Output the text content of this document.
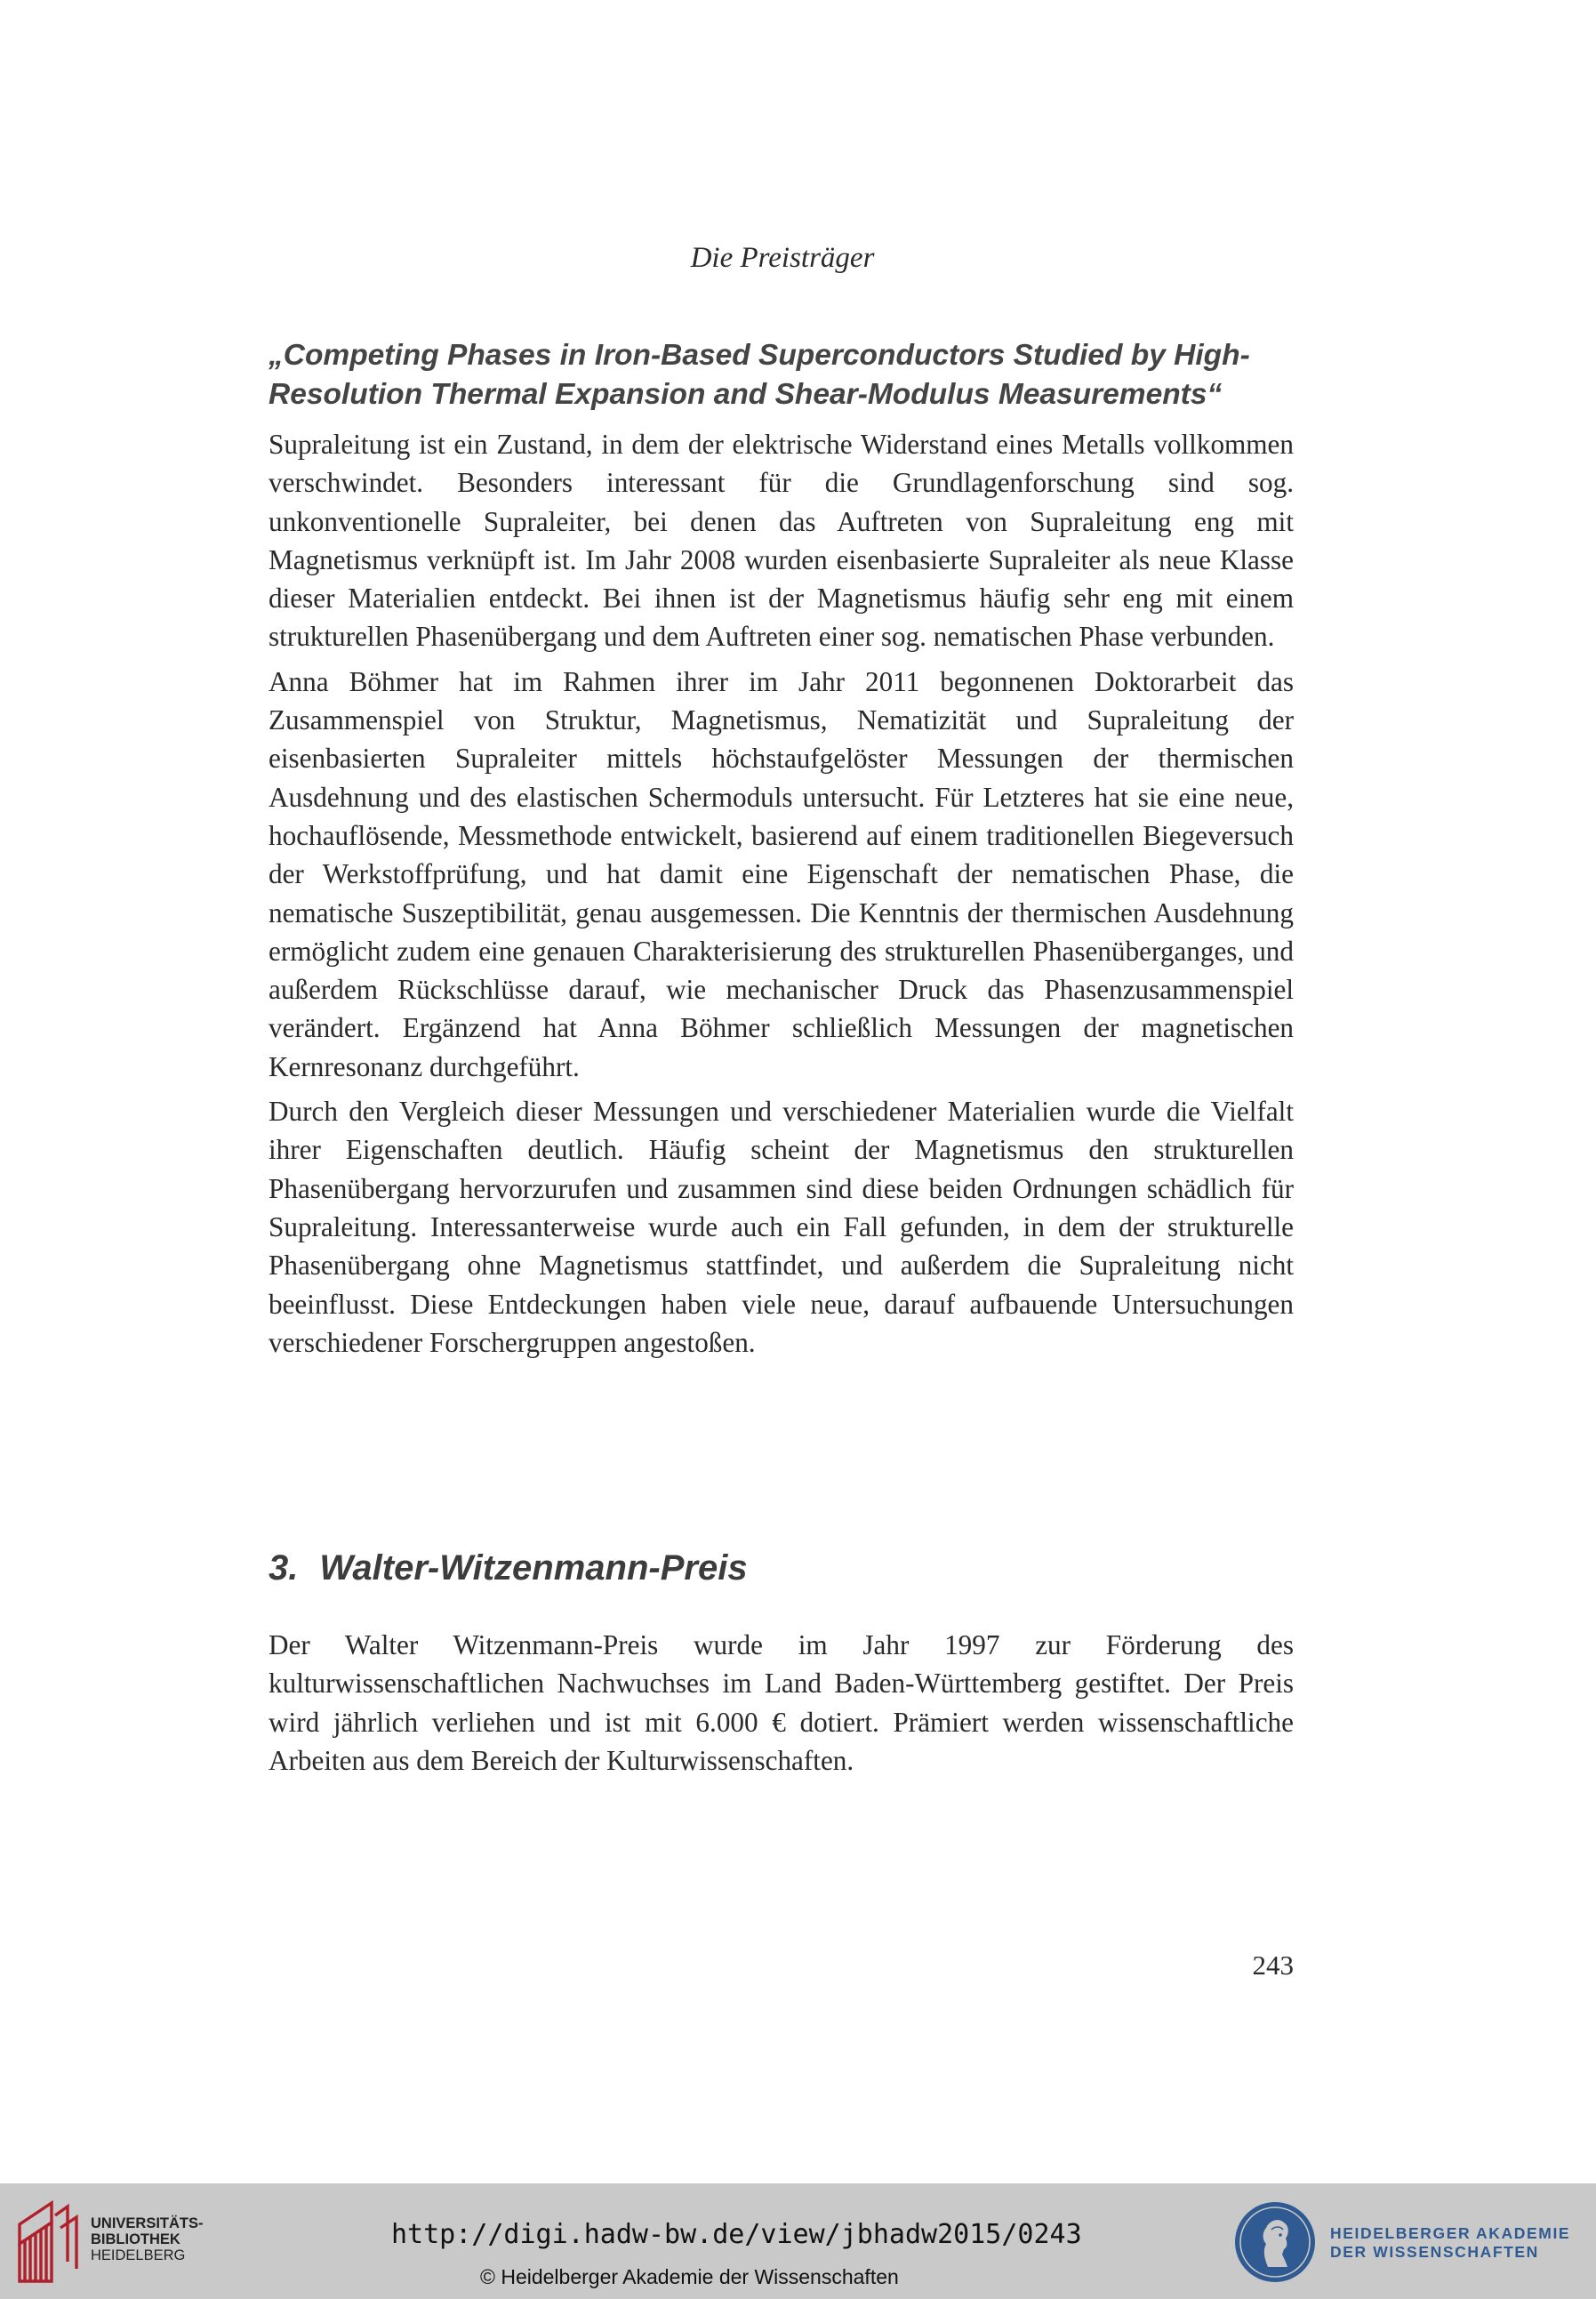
Die Preisträger
„Competing Phases in Iron-Based Superconductors Studied by High-
Resolution Thermal Expansion and Shear-Modulus Measurements“

Supraleitung ist ein Zustand, in dem der elektrische Widerstand eines Metalls vollkommen verschwindet. Besonders interessant für die Grundlagenforschung sind sog. unkonventionelle Supraleiter, bei denen das Auftreten von Supraleitung eng mit Magnetismus verknüpft ist. Im Jahr 2008 wurden eisenbasierte Supraleiter als neue Klasse dieser Materialien entdeckt. Bei ihnen ist der Magnetismus häufig sehr eng mit einem strukturellen Phasenübergang und dem Auftreten einer sog. nematischen Phase verbunden.

Anna Böhmer hat im Rahmen ihrer im Jahr 2011 begonnenen Doktorarbeit das Zusammenspiel von Struktur, Magnetismus, Nematizität und Supraleitung der eisenbasierten Supraleiter mittels höchstaufgelöster Messungen der thermischen Ausdehnung und des elastischen Schermoduls untersucht. Für Letzteres hat sie eine neue, hochauflösende, Messmethode entwickelt, basierend auf einem traditionellen Biegeversuch der Werkstoffprüfung, und hat damit eine Eigenschaft der nematischen Phase, die nematische Suszeptibilität, genau ausgemessen. Die Kenntnis der thermischen Ausdehnung ermöglicht zudem eine genauen Charakterisierung des strukturellen Phasenüberganges, und außerdem Rückschlüsse darauf, wie mechanischer Druck das Phasenzusammenspiel verändert. Ergänzend hat Anna Böhmer schließlich Messungen der magnetischen Kernresonanz durchgeführt.

Durch den Vergleich dieser Messungen und verschiedener Materialien wurde die Vielfalt ihrer Eigenschaften deutlich. Häufig scheint der Magnetismus den strukturellen Phasenübergang hervorzurufen und zusammen sind diese beiden Ordnungen schädlich für Supraleitung. Interessanterweise wurde auch ein Fall gefunden, in dem der strukturelle Phasenübergang ohne Magnetismus stattfindet, und außerdem die Supraleitung nicht beeinflusst. Diese Entdeckungen haben viele neue, darauf aufbauende Untersuchungen verschiedener Forschergruppen angestoßen.

3. Walter-Witzenmann-Preis

Der Walter Witzenmann-Preis wurde im Jahr 1997 zur Förderung des kulturwissenschaftlichen Nachwuchses im Land Baden-Württemberg gestiftet. Der Preis wird jährlich verliehen und ist mit 6.000 € dotiert. Prämiert werden wissenschaftliche Arbeiten aus dem Bereich der Kulturwissenschaften.

243
UNIVERSITÄTS-
BIBLIOTHEK
HEIDELBERG
http://digi.hadw-bw.de/view/jbhadw2015/0243
© Heidelberger Akademie der Wissenschaften
HEIDELBERGER AKADEMIE
DER WISSENSCHAFTEN
